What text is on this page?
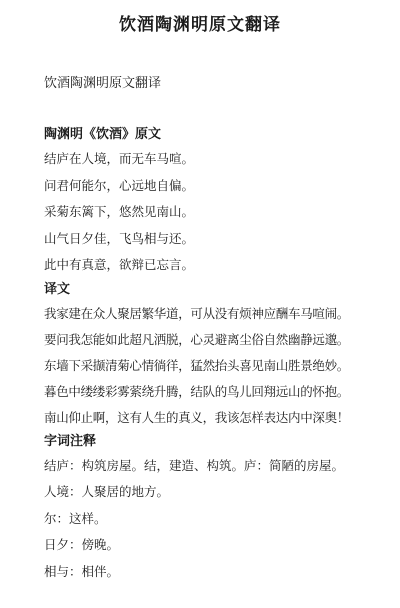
饮酒陶渊明原文翻译
饮酒陶渊明原文翻译
陶渊明《饮酒》原文
结庐在人境，而无车马喧。
问君何能尔，心远地自偏。
采菊东篱下，悠然见南山。
山气日夕佳，飞鸟相与还。
此中有真意，欲辩已忘言。
译文
我家建在众人聚居繁华道，可从没有烦神应酬车马喧闹。
要问我怎能如此超凡洒脱，心灵避离尘俗自然幽静远邈。
东墙下采撷清菊心情徜徉，猛然抬头喜见南山胜景绝妙。
暮色中缕缕彩雾萦绕升腾，结队的鸟儿回翔远山的怀抱。
南山仰止啊，这有人生的真义，我该怎样表达内中深奥！
字词注释
结庐：构筑房屋。结，建造、构筑。庐：简陋的房屋。
人境：人聚居的地方。
尔：这样。
日夕：傍晚。
相与：相伴。
